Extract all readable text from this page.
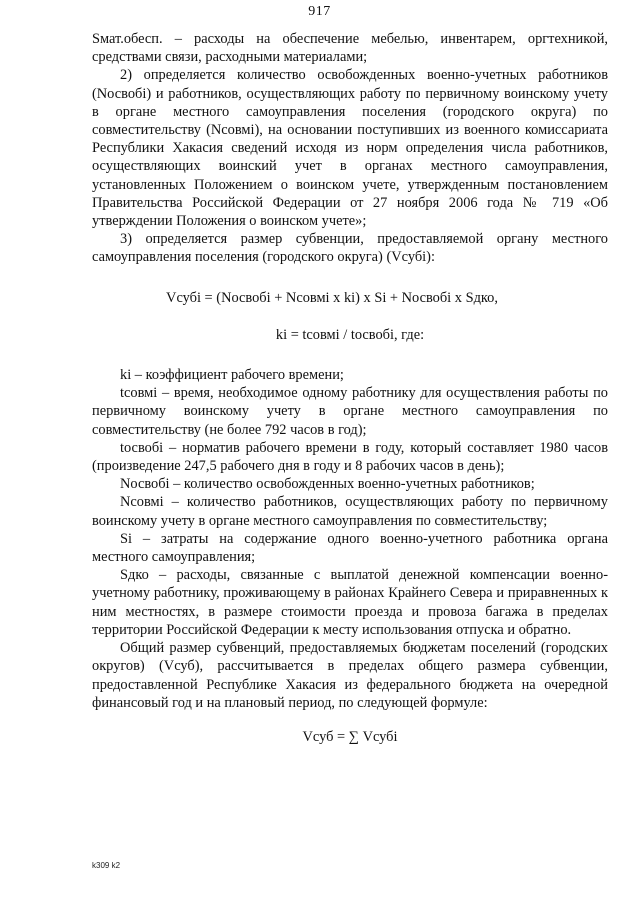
917

Sмат.обесп. – расходы на обеспечение мебелью, инвентарем, оргтехникой, средствами связи, расходными материалами;

2) определяется количество освобожденных военно-учетных работников (Nосвобi) и работников, осуществляющих работу по первичному воинскому учету в органе местного самоуправления поселения (городского округа) по совместительству (Nсовмi), на основании поступивших из военного комиссариата Республики Хакасия сведений исходя из норм определения числа работников, осуществляющих воинский учет в органах местного самоуправления, установленных Положением о воинском учете, утвержденным постановлением Правительства Российской Федерации от 27 ноября 2006 года № 719 «Об утверждении Положения о воинском учете»;

3) определяется размер субвенции, предоставляемой органу местного самоуправления поселения (городского округа) (Vсубi):

Vсубi = (Nосвобi + Nсовмi x ki) x Si + Nосвобi x Sдко,

ki = tсовмi / tосвобi, где:

ki – коэффициент рабочего времени;

tсовмi – время, необходимое одному работнику для осуществления работы по первичному воинскому учету в органе местного самоуправления по совместительству (не более 792 часов в год);

tосвобi – норматив рабочего времени в году, который составляет 1980 часов (произведение 247,5 рабочего дня в году и 8 рабочих часов в день);

Nосвобi – количество освобожденных военно-учетных работников;

Nсовмi – количество работников, осуществляющих работу по первичному воинскому учету в органе местного самоуправления по совместительству;

Si – затраты на содержание одного военно-учетного работника органа местного самоуправления;

Sдко – расходы, связанные с выплатой денежной компенсации военно-учетному работнику, проживающему в районах Крайнего Севера и приравненных к ним местностях, в размере стоимости проезда и провоза багажа в пределах территории Российской Федерации к месту использования отпуска и обратно.

Общий размер субвенций, предоставляемых бюджетам поселений (городских округов) (Vсуб), рассчитывается в пределах общего размера субвенции, предоставленной Республике Хакасия из федерального бюджета на очередной финансовый год и на плановый период, по следующей формуле:

Vсуб = ∑ Vсубi

k309 k2
